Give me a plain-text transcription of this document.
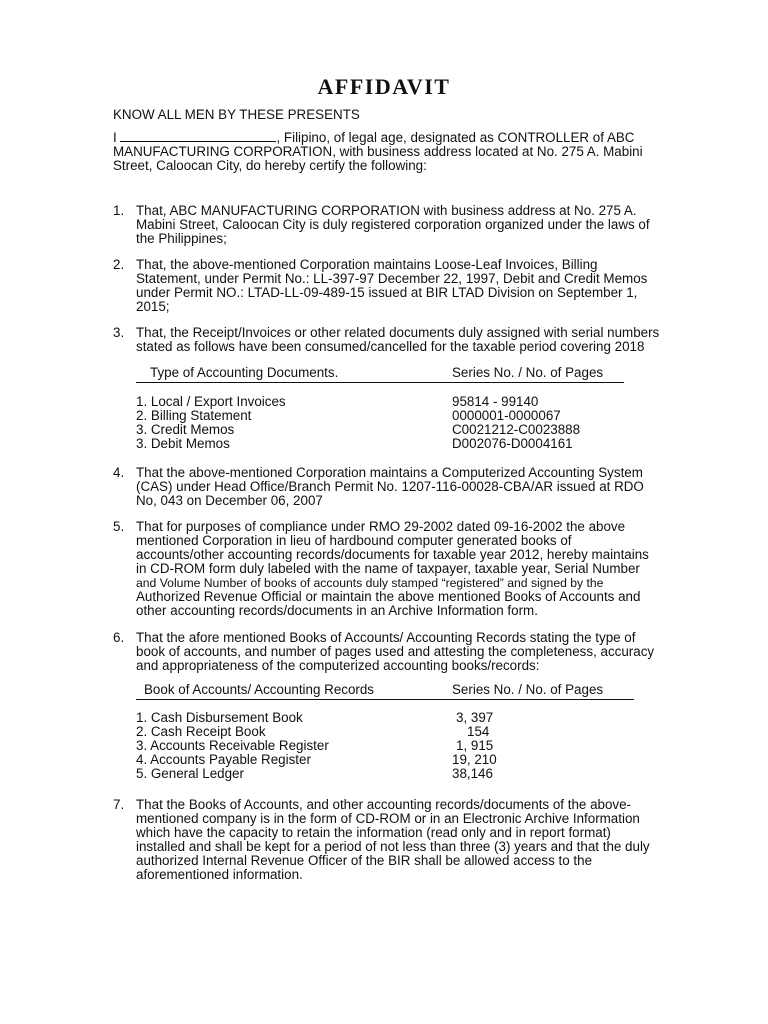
AFFIDAVIT
KNOW ALL MEN BY THESE PRESENTS
I	, Filipino, of legal age, designated as CONTROLLER of ABC
MANUFACTURING CORPORATION, with business address located at No. 275 A. Mabini
Street, Caloocan City, do hereby certify the following:
1. That, ABC MANUFACTURING CORPORATION with business address at No. 275 A.
Mabini Street, Caloocan City is duly registered corporation organized under the laws of
the Philippines;
2. That, the above-mentioned Corporation maintains Loose-Leaf Invoices, Billing
Statement, under Permit No.: LL-397-97 December 22, 1997, Debit and Credit Memos
under Permit NO.: LTAD-LL-09-489-15 issued at BIR LTAD Division on September 1,
2015;
3. That, the Receipt/Invoices or other related documents duly assigned with serial numbers
stated as follows have been consumed/cancelled for the taxable period covering 2018
Type of Accounting Documents.	Series No. / No. of Pages
1. Local / Export Invoices	95814 - 99140
2. Billing Statement	0000001-0000067
3. Credit Memos	C0021212-C0023888
3. Debit Memos	D002076-D0004161
4. That the above-mentioned Corporation maintains a Computerized Accounting System
(CAS) under Head Office/Branch Permit No. 1207-116-00028-CBA/AR issued at RDO
No, 043 on December 06, 2007
5. That for purposes of compliance under RMO 29-2002 dated 09-16-2002 the above
mentioned Corporation in lieu of hardbound computer generated books of
accounts/other accounting records/documents for taxable year 2012, hereby maintains
in CD-ROM form duly labeled with the name of taxpayer, taxable year, Serial Number
and Volume Number of books of accounts duly stamped “registered” and signed by the
Authorized Revenue Official or maintain the above mentioned Books of Accounts and
other accounting records/documents in an Archive Information form.
6. That the afore mentioned Books of Accounts/ Accounting Records stating the type of
book of accounts, and number of pages used and attesting the completeness, accuracy
and appropriateness of the computerized accounting books/records:
Book of Accounts/ Accounting Records	Series No. / No. of Pages
1. Cash Disbursement Book	3, 397
2. Cash Receipt Book	154
3. Accounts Receivable Register	1, 915
4. Accounts Payable Register	19, 210
5. General Ledger	38,146
7. That the Books of Accounts, and other accounting records/documents of the above-
mentioned company is in the form of CD-ROM or in an Electronic Archive Information
which have the capacity to retain the information (read only and in report format)
installed and shall be kept for a period of not less than three (3) years and that the duly
authorized Internal Revenue Officer of the BIR shall be allowed access to the
aforementioned information.
